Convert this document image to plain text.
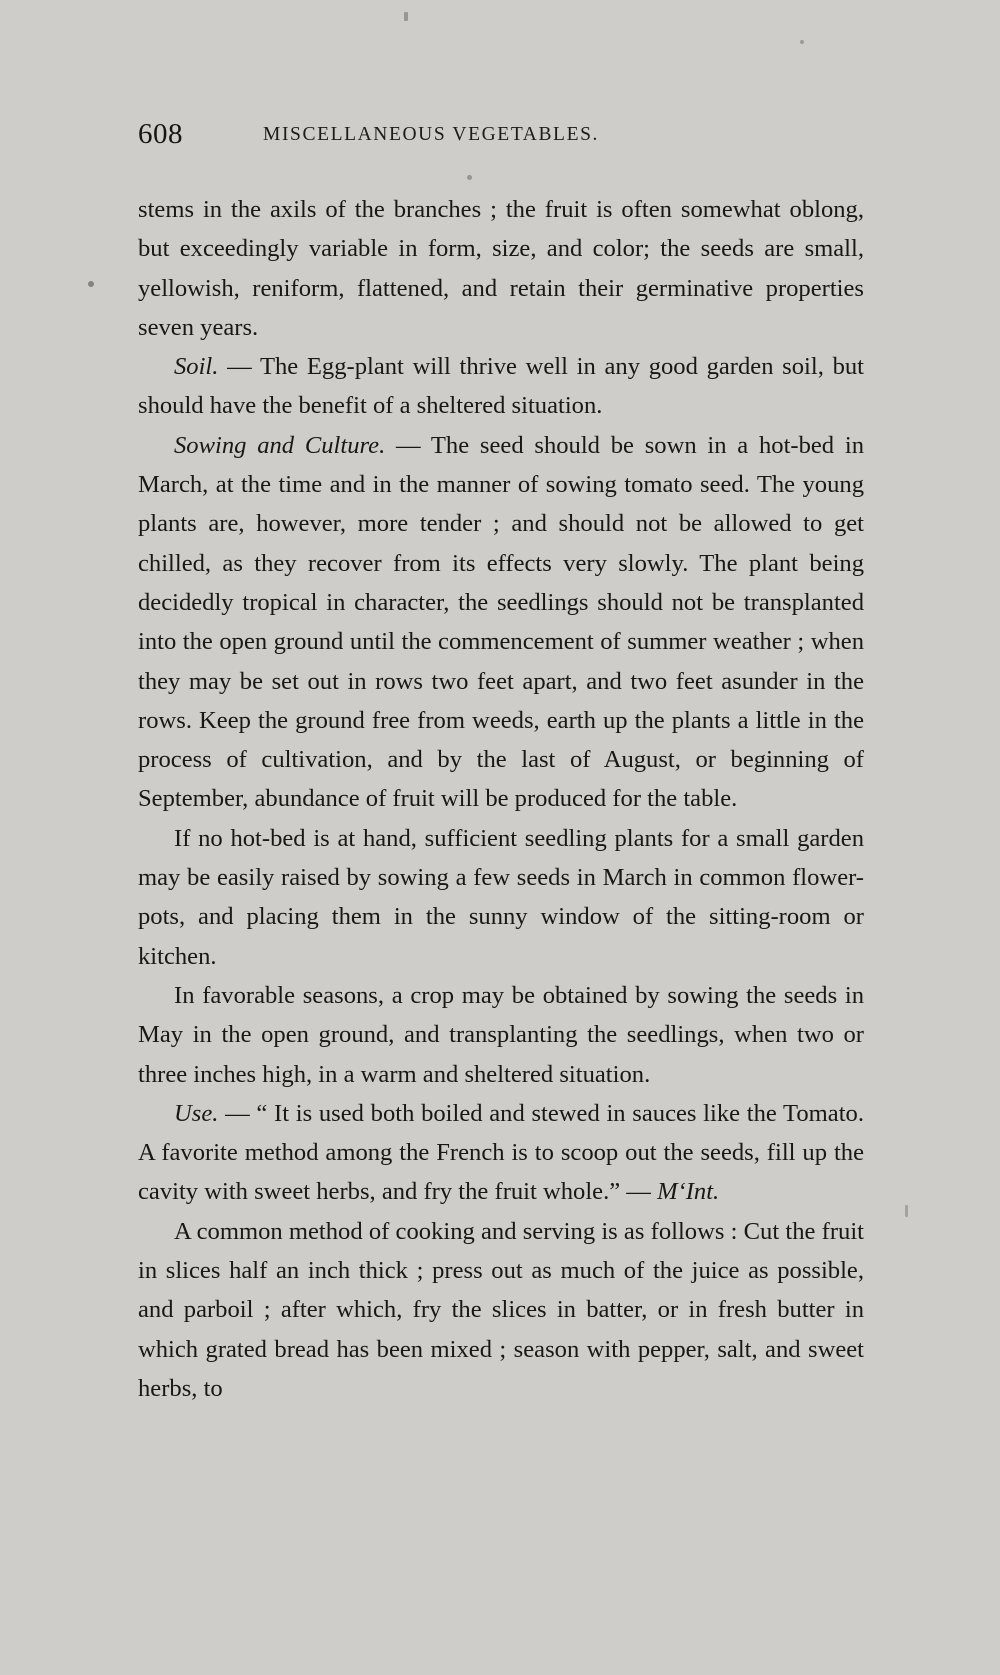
608	MISCELLANEOUS VEGETABLES.

stems in the axils of the branches ; the fruit is often somewhat oblong, but exceedingly variable in form, size, and color; the seeds are small, yellowish, reniform, flattened, and retain their germinative properties seven years.

Soil. — The Egg-plant will thrive well in any good garden soil, but should have the benefit of a sheltered situation.

Sowing and Culture. — The seed should be sown in a hot-bed in March, at the time and in the manner of sowing tomato seed. The young plants are, however, more tender ; and should not be allowed to get chilled, as they recover from its effects very slowly. The plant being decidedly tropical in character, the seedlings should not be transplanted into the open ground until the commencement of summer weather ; when they may be set out in rows two feet apart, and two feet asunder in the rows. Keep the ground free from weeds, earth up the plants a little in the process of cultivation, and by the last of August, or beginning of September, abundance of fruit will be produced for the table.

If no hot-bed is at hand, sufficient seedling plants for a small garden may be easily raised by sowing a few seeds in March in common flower-pots, and placing them in the sunny window of the sitting-room or kitchen.

In favorable seasons, a crop may be obtained by sowing the seeds in May in the open ground, and transplanting the seedlings, when two or three inches high, in a warm and sheltered situation.

Use. — “ It is used both boiled and stewed in sauces like the Tomato. A favorite method among the French is to scoop out the seeds, fill up the cavity with sweet herbs, and fry the fruit whole.” — M‘Int.

A common method of cooking and serving is as follows : Cut the fruit in slices half an inch thick ; press out as much of the juice as possible, and parboil ; after which, fry the slices in batter, or in fresh butter in which grated bread has been mixed ; season with pepper, salt, and sweet herbs, to
